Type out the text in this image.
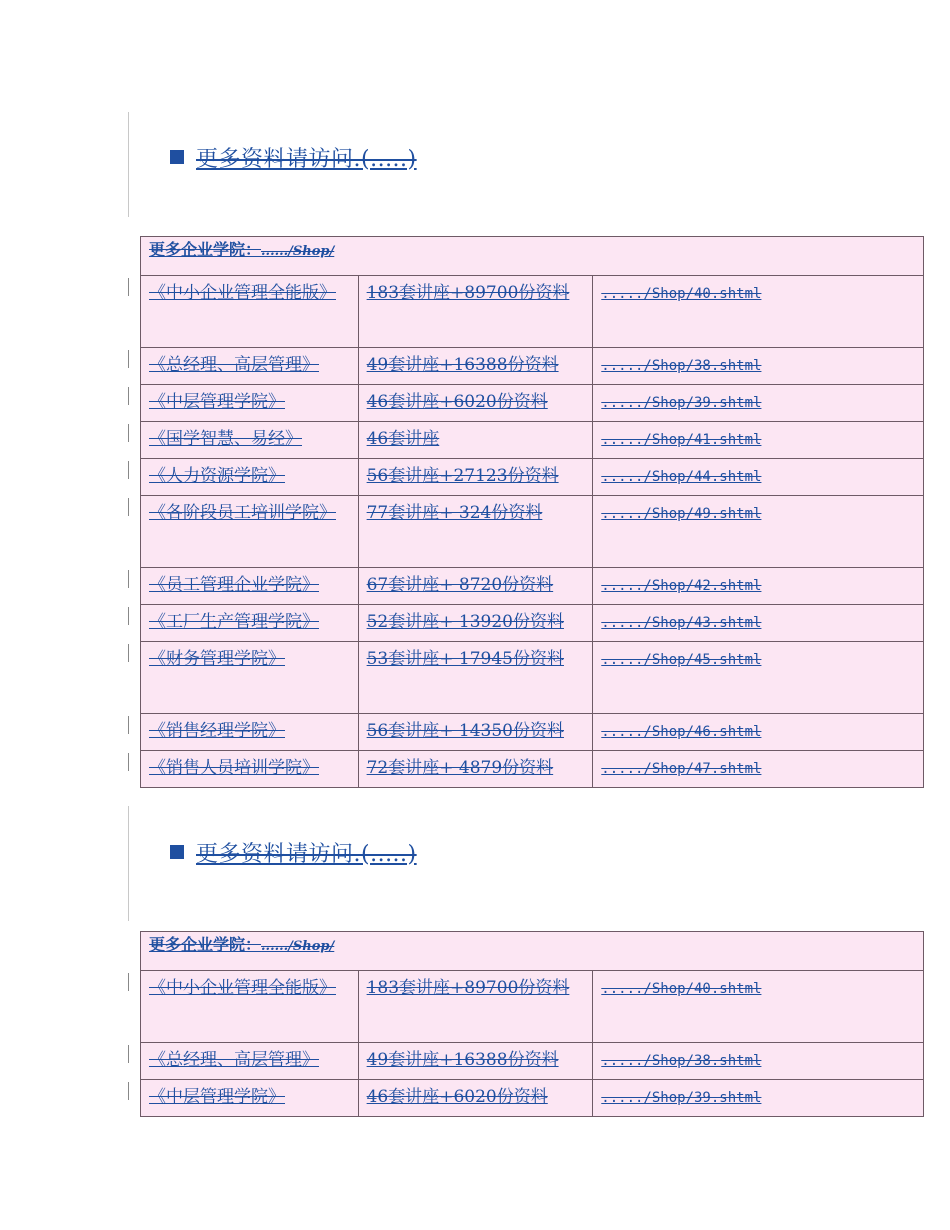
更多资料请访问.(.....)
更多企业学院：....../Shop/		
《中小企业管理全能版》	183套讲座+89700份资料	...../Shop/40.shtml
《总经理、高层管理》	49套讲座+16388份资料	...../Shop/38.shtml
《中层管理学院》	46套讲座+6020份资料	...../Shop/39.shtml
《国学智慧、易经》	46套讲座	...../Shop/41.shtml
《人力资源学院》	56套讲座+27123份资料	...../Shop/44.shtml
《各阶段员工培训学院》	77套讲座+ 324份资料	...../Shop/49.shtml
《员工管理企业学院》	67套讲座+ 8720份资料	...../Shop/42.shtml
《工厂生产管理学院》	52套讲座+ 13920份资料	...../Shop/43.shtml
《财务管理学院》	53套讲座+ 17945份资料	...../Shop/45.shtml
《销售经理学院》	56套讲座+ 14350份资料	...../Shop/46.shtml
《销售人员培训学院》	72套讲座+ 4879份资料	...../Shop/47.shtml
更多资料请访问.(.....)
更多企业学院：....../Shop/		
《中小企业管理全能版》	183套讲座+89700份资料	...../Shop/40.shtml
《总经理、高层管理》	49套讲座+16388份资料	...../Shop/38.shtml
《中层管理学院》	46套讲座+6020份资料	...../Shop/39.shtml
